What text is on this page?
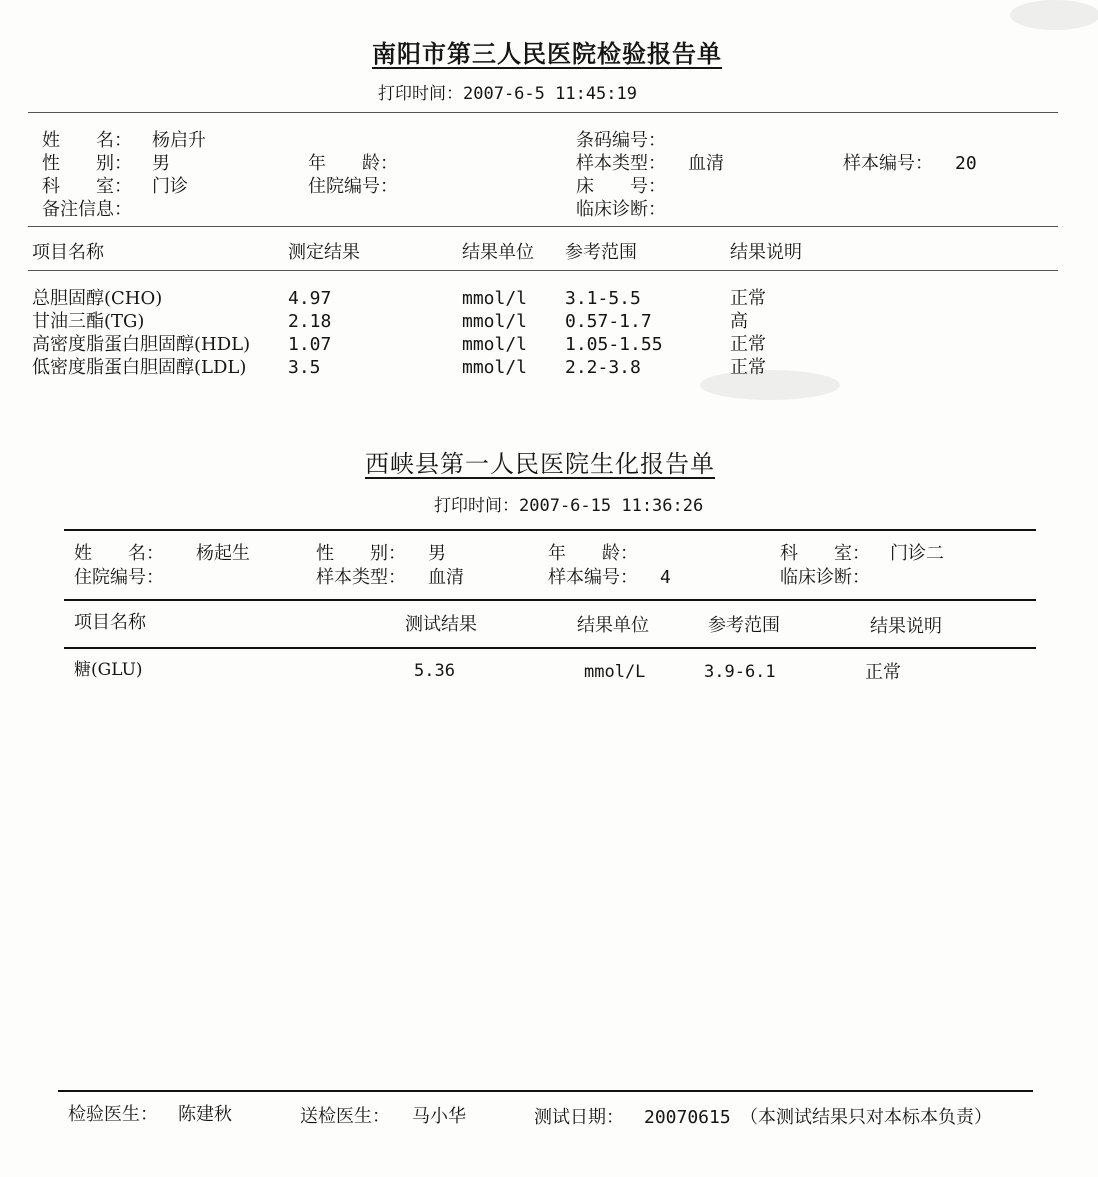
南阳市第三人民医院检验报告单
打印时间：2007-6-5 11:45:19
姓　　名： 杨启升
性　　别： 男
科　　室： 门诊
备注信息：
年　　龄：
住院编号：
条码编号：
样本类型： 血清
床　　号：
临床诊断：
样本编号： 20
项目名称	测定结果	结果单位 参考范围	结果说明
总胆固醇(CHO)	4.97	mmol/l 3.1-5.5	正常
甘油三酯(TG)	2.18	mmol/l 0.57-1.7	高
高密度脂蛋白胆固醇(HDL) 1.07	mmol/l 1.05-1.55	正常
低密度脂蛋白胆固醇(LDL) 3.5	mmol/l 2.2-3.8	正常
西峡县第一人民医院生化报告单
打印时间：2007-6-15 11:36:26
姓　　名： 杨起生	性　　别： 男	年　　龄：	科　　室： 门诊二
住院编号：	样本类型： 血清	样本编号： 4	临床诊断：
项目名称	测试结果	结果单位	参考范围	结果说明
糖(GLU)	5.36	mmol/L	3.9-6.1	正常
检验医生： 陈建秋	送检医生： 马小华	测试日期： 20070615 （本测试结果只对本标本负责）
